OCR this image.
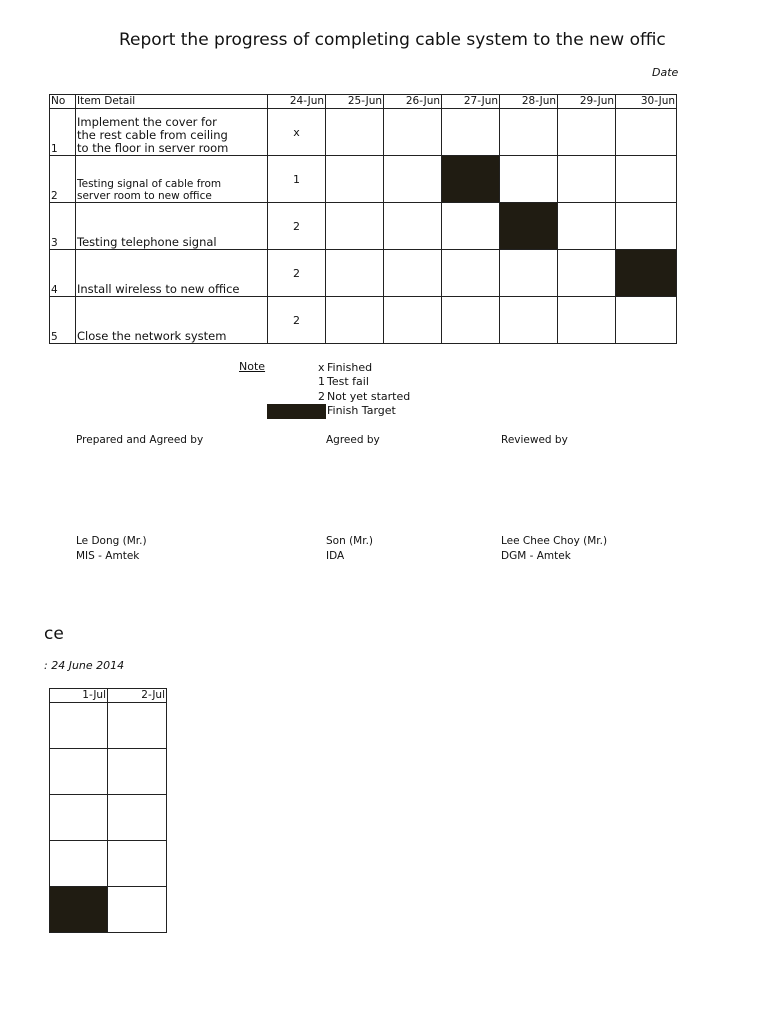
Report the progress of completing cable system to the new offic
Date
No	Item Detail	24-Jun	25-Jun	26-Jun	27-Jun	28-Jun	29-Jun	30-Jun
1	Implement the cover for
the rest cable from ceiling
to the floor in server room	x						
2	Testing signal of cable from
server room to new office	1						
3	Testing telephone signal	2						
4	Install wireless to new office	2						
5	Close the network system	2						
Note	x Finished
1 Test fail
2 Not yet started
Finish Target
Prepared and Agreed by	Agreed by	Reviewed by
Le Dong (Mr.)	Son (Mr.)	Lee Chee Choy (Mr.)
MIS - Amtek	IDA	DGM - Amtek
ce
: 24 June 2014
1-Jul	2-Jul
